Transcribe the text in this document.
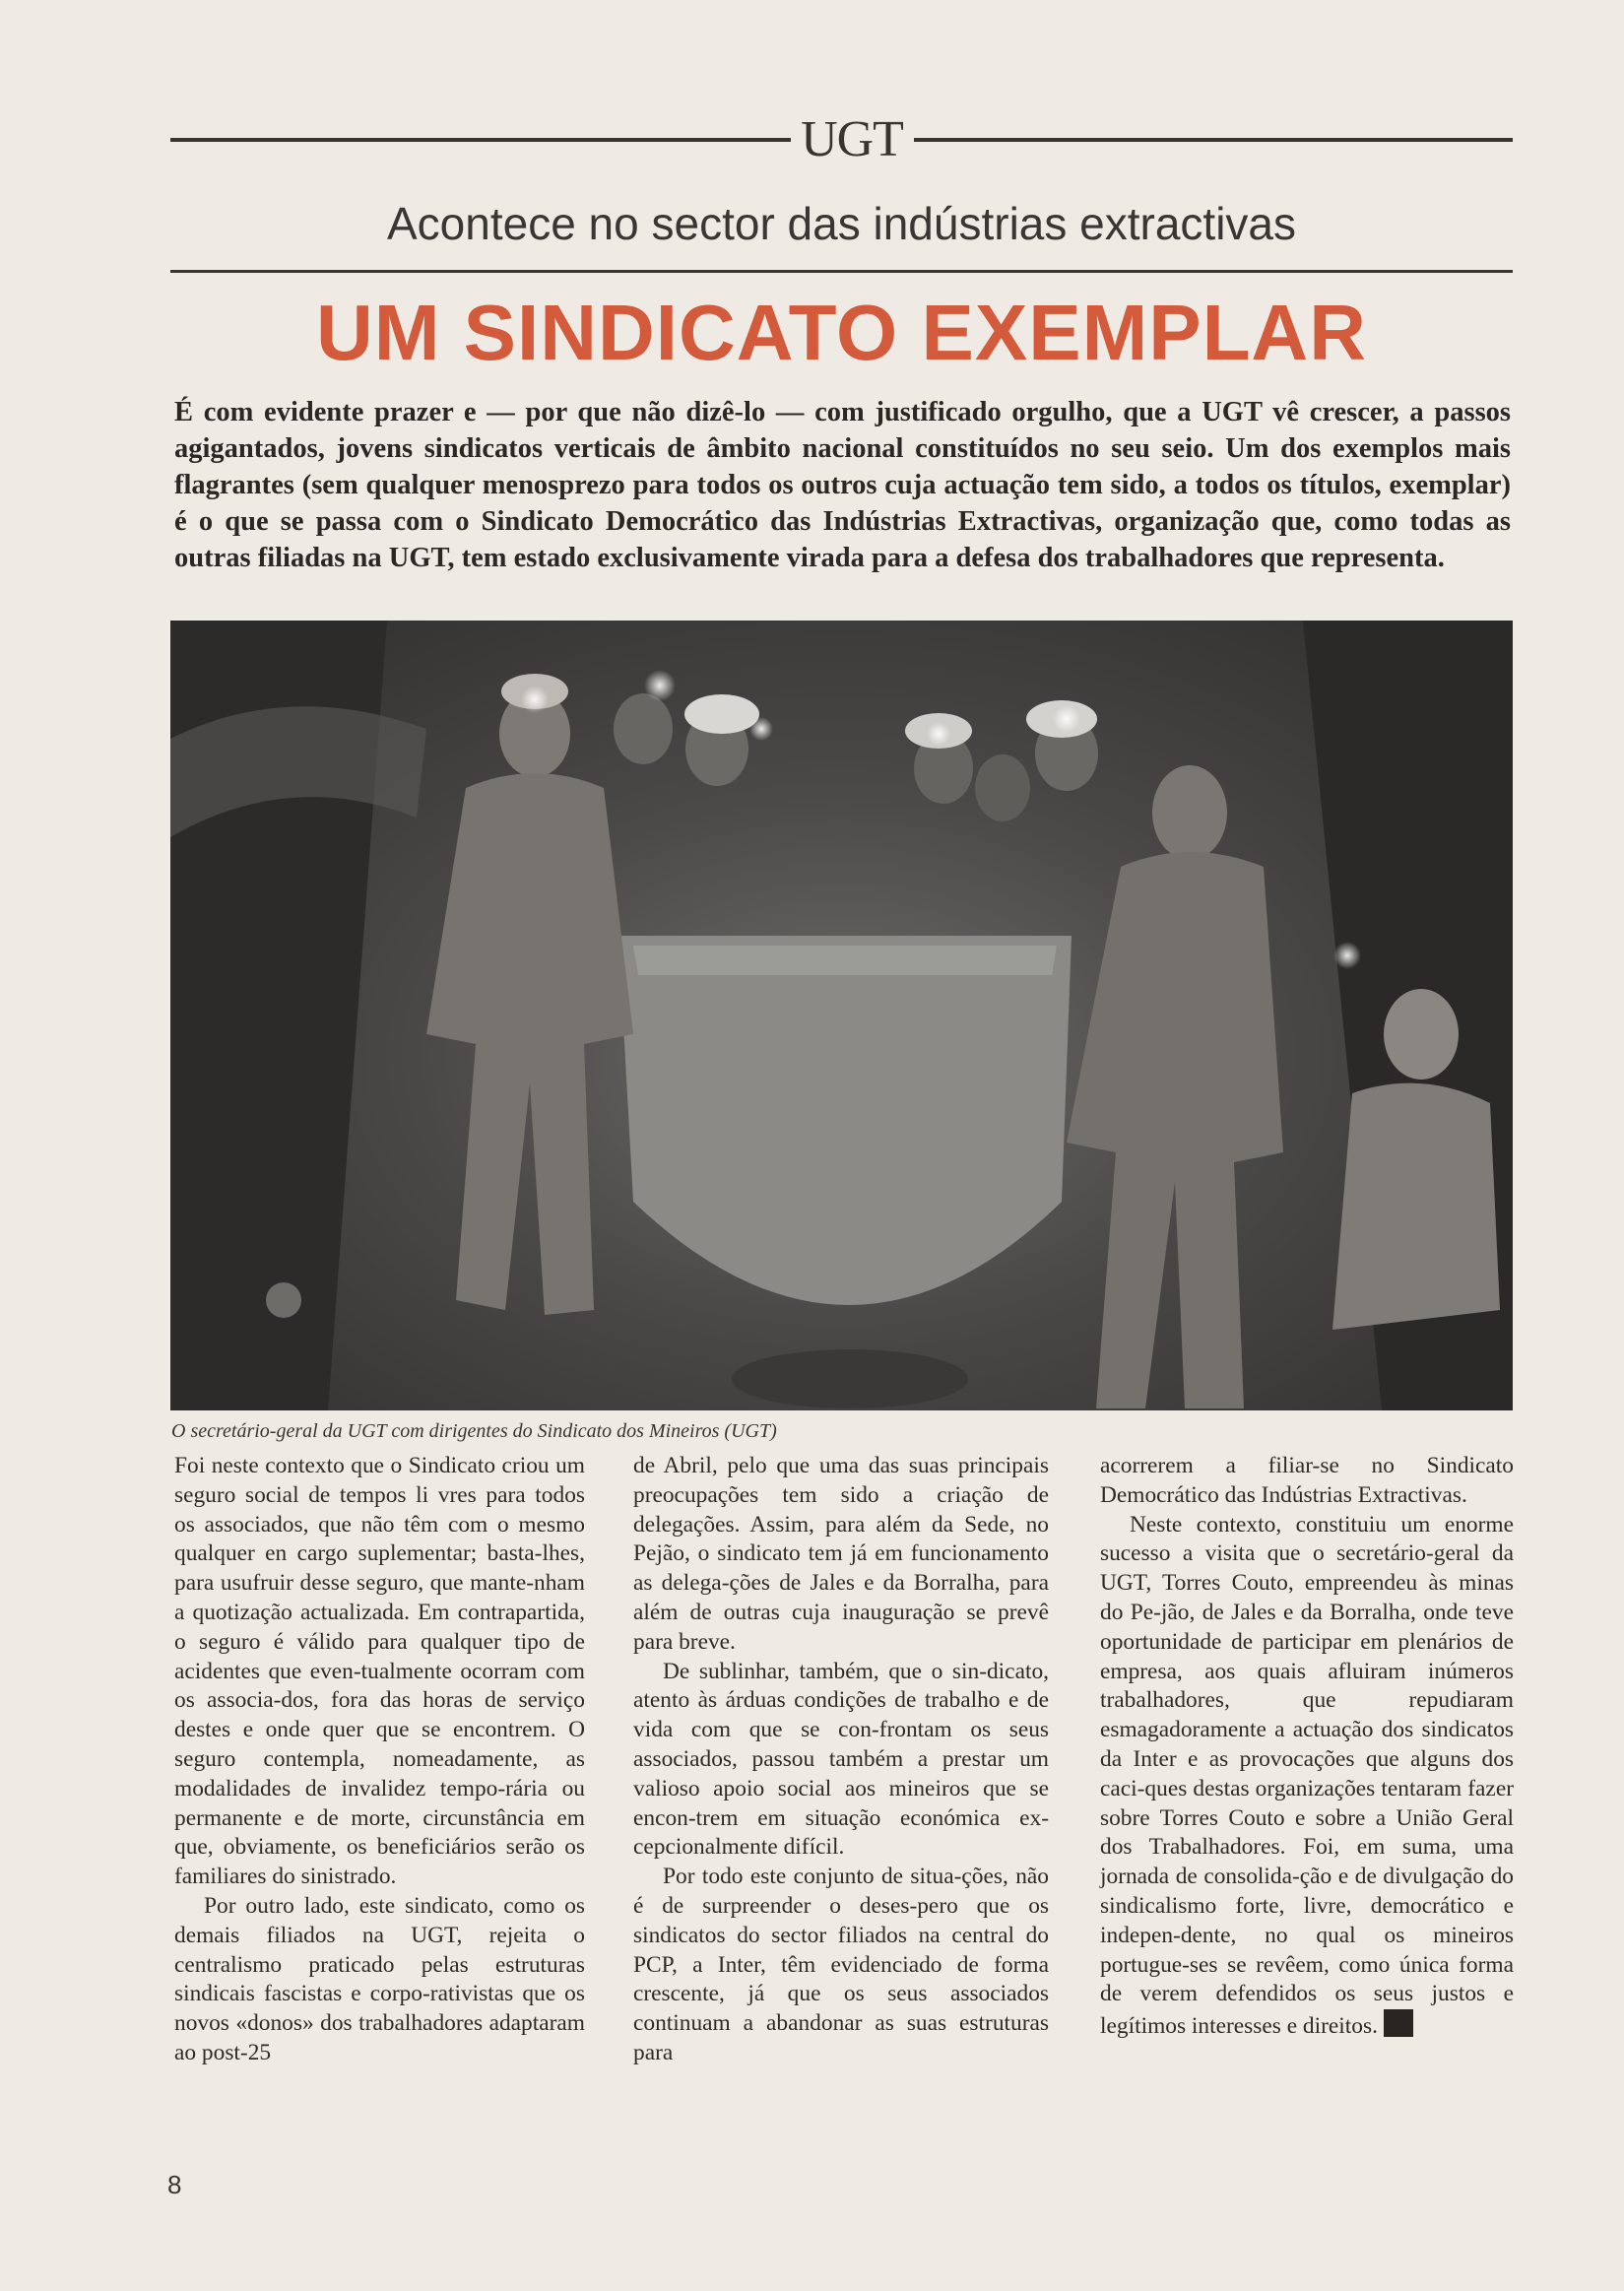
UGT
Acontece no sector das indústrias extractivas
UM SINDICATO EXEMPLAR
É com evidente prazer e — por que não dizê-lo — com justificado orgulho, que a UGT vê crescer, a passos agigantados, jovens sindicatos verticais de âmbito nacional constituídos no seu seio. Um dos exemplos mais flagrantes (sem qualquer menosprezo para todos os outros cuja actuação tem sido, a todos os títulos, exemplar) é o que se passa com o Sindicato Democrático das Indústrias Extractivas, organização que, como todas as outras filiadas na UGT, tem estado exclusivamente virada para a defesa dos trabalhadores que representa.
O secretário-geral da UGT com dirigentes do Sindicato dos Mineiros (UGT)

Foi neste contexto que o Sindicato criou um seguro social de tempos li vres para todos os associados, que não têm com o mesmo qualquer en cargo suplementar; basta-lhes, para usufruir desse seguro, que mante-nham a quotização actualizada. Em contrapartida, o seguro é válido para qualquer tipo de acidentes que even-tualmente ocorram com os associa-dos, fora das horas de serviço destes e onde quer que se encontrem. O seguro contempla, nomeadamente, as modalidades de invalidez tempo-rária ou permanente e de morte, circunstância em que, obviamente, os beneficiários serão os familiares do sinistrado.

Por outro lado, este sindicato, como os demais filiados na UGT, rejeita o centralismo praticado pelas estruturas sindicais fascistas e corpo-rativistas que os novos «donos» dos trabalhadores adaptaram ao post-25

de Abril, pelo que uma das suas principais preocupações tem sido a criação de delegações. Assim, para além da Sede, no Pejão, o sindicato tem já em funcionamento as delega-ções de Jales e da Borralha, para além de outras cuja inauguração se prevê para breve.

De sublinhar, também, que o sin-dicato, atento às árduas condições de trabalho e de vida com que se con-frontam os seus associados, passou também a prestar um valioso apoio social aos mineiros que se encon-trem em situação económica ex-cepcionalmente difícil.

Por todo este conjunto de situa-ções, não é de surpreender o deses-pero que os sindicatos do sector filiados na central do PCP, a Inter, têm evidenciado de forma crescente, já que os seus associados continuam a abandonar as suas estruturas para

acorrerem a filiar-se no Sindicato Democrático das Indústrias Extractivas.

Neste contexto, constituiu um enorme sucesso a visita que o secretário-geral da UGT, Torres Couto, empreendeu às minas do Pe-jão, de Jales e da Borralha, onde teve oportunidade de participar em plenários de empresa, aos quais afluiram inúmeros trabalhadores, que repudiaram esmagadoramente a actuação dos sindicatos da Inter e as provocações que alguns dos caci-ques destas organizações tentaram fazer sobre Torres Couto e sobre a União Geral dos Trabalhadores. Foi, em suma, uma jornada de consolida-ção e de divulgação do sindicalismo forte, livre, democrático e indepen-dente, no qual os mineiros portugue-ses se revêem, como única forma de verem defendidos os seus justos e legítimos interesses e direitos.

8
